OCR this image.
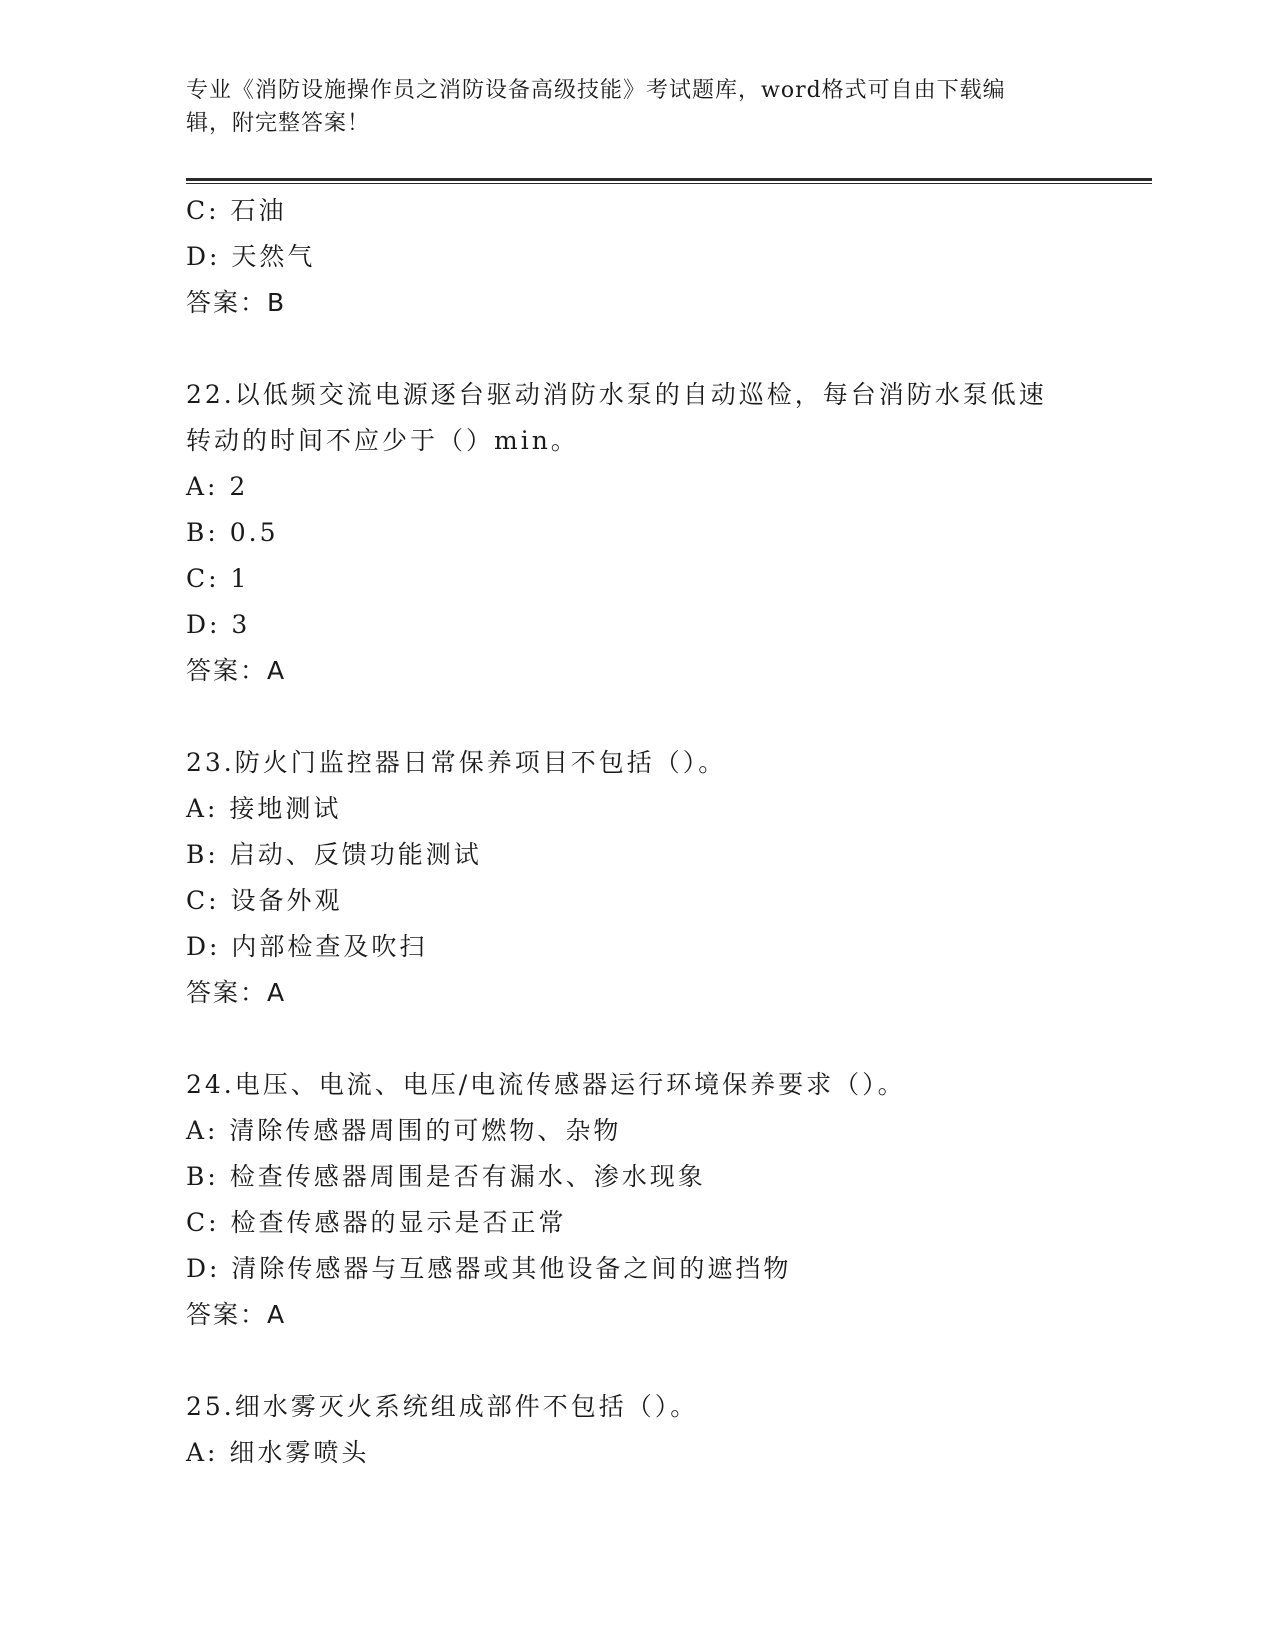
专业《消防设施操作员之消防设备高级技能》考试题库，word格式可自由下载编
辑，附完整答案！
C: 石油
D: 天然气
答案：B
22.以低频交流电源逐台驱动消防水泵的自动巡检，每台消防水泵低速
转动的时间不应少于（）min。
A: 2
B: 0.5
C: 1
D: 3
答案：A
23.防火门监控器日常保养项目不包括（）。
A: 接地测试
B: 启动、反馈功能测试
C: 设备外观
D: 内部检查及吹扫
答案：A
24.电压、电流、电压/电流传感器运行环境保养要求（）。
A: 清除传感器周围的可燃物、杂物
B: 检查传感器周围是否有漏水、渗水现象
C: 检查传感器的显示是否正常
D: 清除传感器与互感器或其他设备之间的遮挡物
答案：A
25.细水雾灭火系统组成部件不包括（）。
A: 细水雾喷头
